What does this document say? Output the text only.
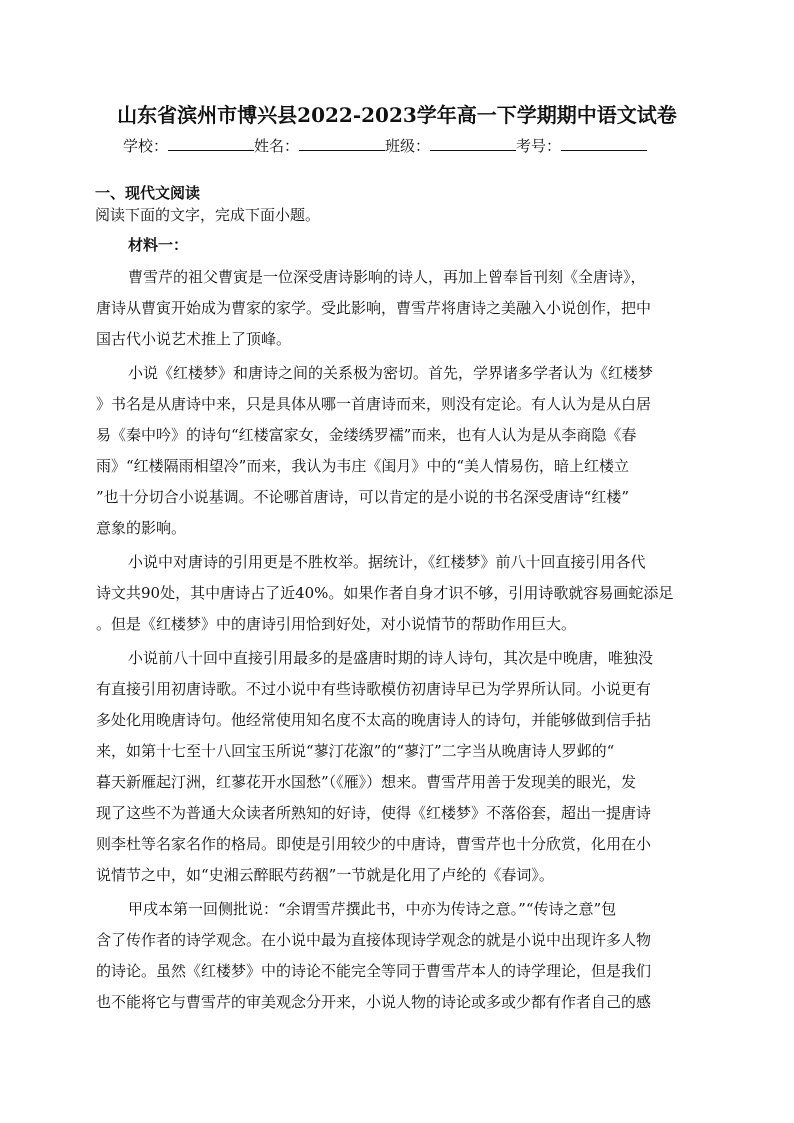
山东省滨州市博兴县2022-2023学年高一下学期期中语文试卷
学校：	姓名：	班级：	考号：
一、现代文阅读
阅读下面的文字，完成下面小题。
材料一：
曹雪芹的祖父曹寅是一位深受唐诗影响的诗人，再加上曾奉旨刊刻《全唐诗》，
唐诗从曹寅开始成为曹家的家学。受此影响，曹雪芹将唐诗之美融入小说创作，把中
国古代小说艺术推上了顶峰。
小说《红楼梦》和唐诗之间的关系极为密切。首先，学界诸多学者认为《红楼梦
》书名是从唐诗中来，只是具体从哪一首唐诗而来，则没有定论。有人认为是从白居
易《秦中吟》的诗句“红楼富家女，金缕绣罗襦”而来，也有人认为是从李商隐《春
雨》“红楼隔雨相望冷”而来，我认为韦庄《闺月》中的“美人情易伤，暗上红楼立
”也十分切合小说基调。不论哪首唐诗，可以肯定的是小说的书名深受唐诗“红楼”
意象的影响。
小说中对唐诗的引用更是不胜枚举。据统计，《红楼梦》前八十回直接引用各代
诗文共90处，其中唐诗占了近40%。如果作者自身才识不够，引用诗歌就容易画蛇添足
。但是《红楼梦》中的唐诗引用恰到好处，对小说情节的帮助作用巨大。
小说前八十回中直接引用最多的是盛唐时期的诗人诗句，其次是中晚唐，唯独没
有直接引用初唐诗歌。不过小说中有些诗歌模仿初唐诗早已为学界所认同。小说更有
多处化用晚唐诗句。他经常使用知名度不太高的晚唐诗人的诗句，并能够做到信手拈
来，如第十七至十八回宝玉所说“蓼汀花溆”的“蓼汀”二字当从晚唐诗人罗邺的“
暮天新雁起汀洲，红蓼花开水国愁”（《雁》）想来。曹雪芹用善于发现美的眼光，发
现了这些不为普通大众读者所熟知的好诗，使得《红楼梦》不落俗套，超出一提唐诗
则李杜等名家名作的格局。即使是引用较少的中唐诗，曹雪芹也十分欣赏，化用在小
说情节之中，如“史湘云醉眠芍药裀”一节就是化用了卢纶的《春词》。
甲戌本第一回侧批说：“余谓雪芹撰此书，中亦为传诗之意。”“传诗之意”包
含了传作者的诗学观念。在小说中最为直接体现诗学观念的就是小说中出现许多人物
的诗论。虽然《红楼梦》中的诗论不能完全等同于曹雪芹本人的诗学理论，但是我们
也不能将它与曹雪芹的审美观念分开来，小说人物的诗论或多或少都有作者自己的感
